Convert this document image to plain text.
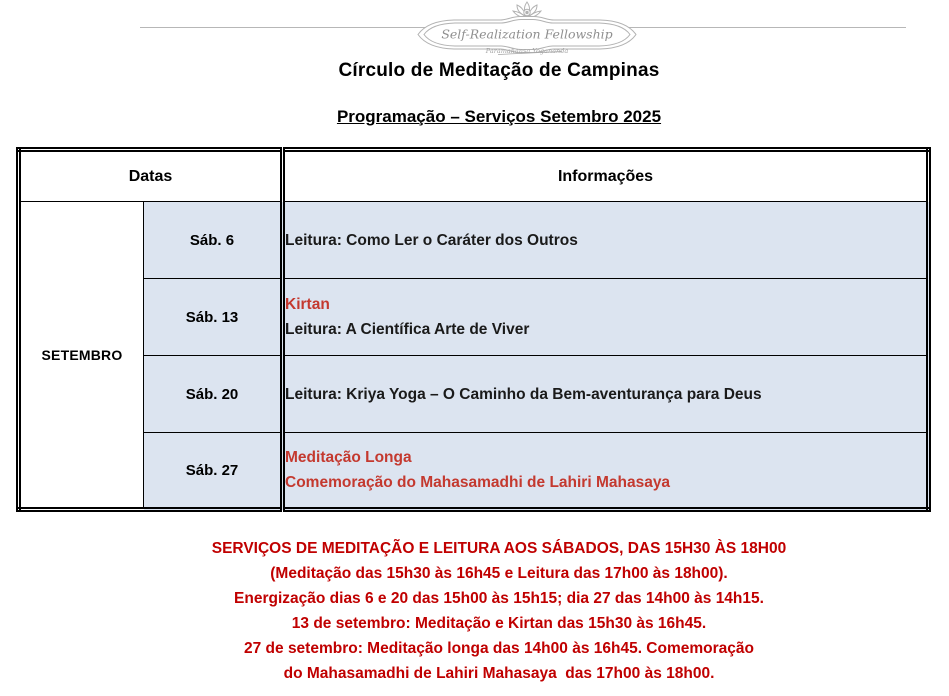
Self-Realization Fellowship
Paramahansa Yogananda
Círculo de Meditação de Campinas
Programação – Serviços Setembro 2025
Datas		Informações
SETEMBRO	Sáb. 6	Leitura: Como Ler o Caráter dos Outros

	Sáb. 13	Kirtan
Leitura: A Científica Arte de Viver

	Sáb. 20	Leitura: Kriya Yoga – O Caminho da Bem-aventurança para Deus

	Sáb. 27	Meditação Longa
Comemoração do Mahasamadhi de Lahiri Mahasaya
SERVIÇOS DE MEDITAÇÃO E LEITURA AOS SÁBADOS, DAS 15H30 ÀS 18H00
(Meditação das 15h30 às 16h45 e Leitura das 17h00 às 18h00).
Energização dias 6 e 20 das 15h00 às 15h15; dia 27 das 14h00 às 14h15.
13 de setembro: Meditação e Kirtan das 15h30 às 16h45.
27 de setembro: Meditação longa das 14h00 às 16h45. Comemoração
do Mahasamadhi de Lahiri Mahasaya  das 17h00 às 18h00.
